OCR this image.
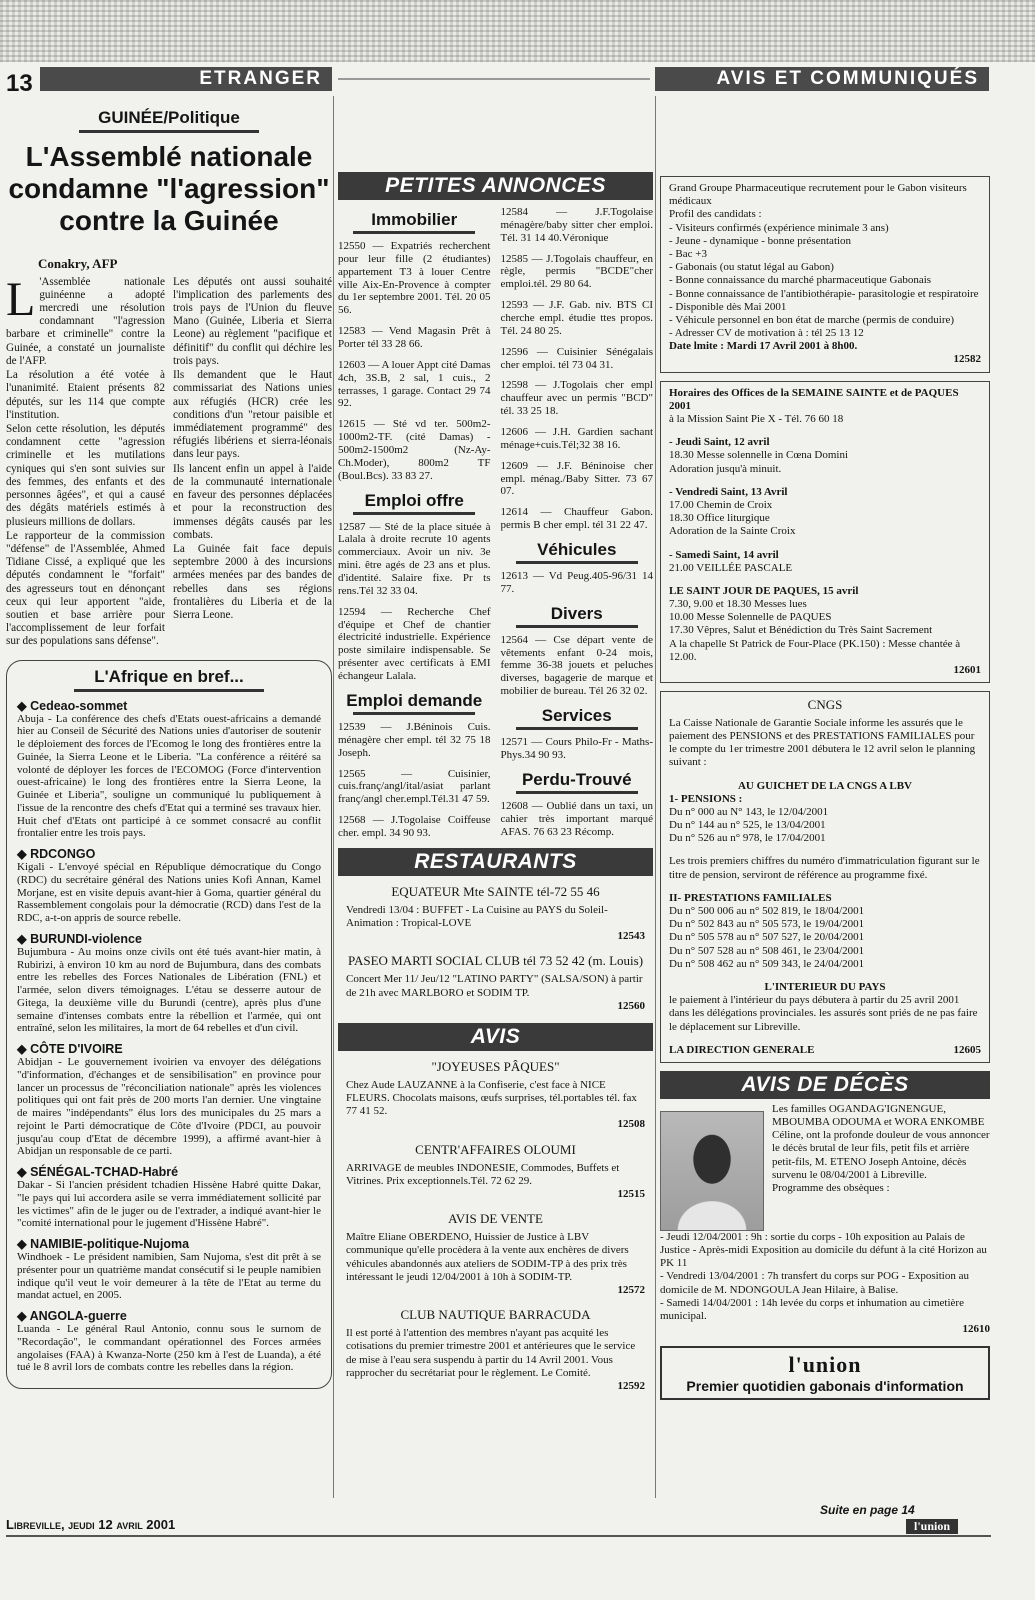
13	ETRANGER	AVIS ET COMMUNIQUÉS
GUINÉE/Politique
L'Assemblé nationale condamne "l'agression" contre la Guinée
Conakry, AFP

L 'Assemblée nationale guinéenne a adopté mercredi une résolution condamnant "l'agression barbare et criminelle" contre la Guinée, a constaté un journaliste de l'AFP.

La résolution a été votée à l'unanimité. Etaient présents 82 députés, sur les 114 que compte l'institution.

Selon cette résolution, les députés condamnent cette "agression criminelle et les mutilations cyniques qui s'en sont suivies sur des femmes, des enfants et des personnes âgées", et qui a causé des dégâts matériels estimés à plusieurs millions de dollars.

Le rapporteur de la commission "défense" de l'Assemblée, Ahmed Tidiane Cissé, a expliqué que les députés condamnent le "forfait" des agresseurs tout en dénonçant ceux qui leur apportent "aide, soutien et base arrière pour l'accomplissement de leur forfait sur des populations sans défense".

Les députés ont aussi souhaité l'implication des parlements des trois pays de l'Union du fleuve Mano (Guinée, Liberia et Sierra Leone) au règlement "pacifique et définitif" du conflit qui déchire les trois pays.

Ils demandent que le Haut commissariat des Nations unies aux réfugiés (HCR) crée les conditions d'un "retour paisible et immédiatement programmé" des réfugiés libériens et sierra-léonais dans leur pays.

Ils lancent enfin un appel à l'aide de la communauté internationale en faveur des personnes déplacées et pour la reconstruction des immenses dégâts causés par les combats.

La Guinée fait face depuis septembre 2000 à des incursions armées menées par des bandes de rebelles dans ses régions frontalières du Liberia et de la Sierra Leone.

L'Afrique en bref...
◆ Cedeao-sommet

Abuja - La conférence des chefs d'Etats ouest-africains a demandé hier au Conseil de Sécurité des Nations unies d'autoriser de soutenir le déploiement des forces de l'Ecomog le long des frontières entre la Guinée, la Sierra Leone et le Liberia. "La conférence a réitéré sa volonté de déployer les forces de l'ECOMOG (Force d'intervention ouest-africaine) le long des frontières entre la Sierra Leone, la Guinée et Liberia", souligne un communiqué lu publiquement à l'issue de la rencontre des chefs d'Etat qui a terminé ses travaux hier. Huit chef d'Etats ont participé à ce sommet consacré au conflit frontalier entre les trois pays.

◆ RDCONGO

Kigali - L'envoyé spécial en République démocratique du Congo (RDC) du secrétaire général des Nations unies Kofi Annan, Kamel Morjane, est en visite depuis avant-hier à Goma, quartier général du Rassemblement congolais pour la démocratie (RCD) dans l'est de la RDC, a-t-on appris de source rebelle.

◆ BURUNDI-violence

Bujumbura - Au moins onze civils ont été tués avant-hier matin, à Rubirizi, à environ 10 km au nord de Bujumbura, dans des combats entre les rebelles des Forces Nationales de Libération (FNL) et l'armée, selon divers témoignages. L'étau se desserre autour de Gitega, la deuxième ville du Burundi (centre), après plus d'une semaine d'intenses combats entre la rébellion et l'armée, qui ont entraîné, selon les militaires, la mort de 64 rebelles et d'un civil.

◆ CÔTE D'IVOIRE

Abidjan - Le gouvernement ivoirien va envoyer des délégations "d'information, d'échanges et de sensibilisation" en province pour lancer un processus de "réconciliation nationale" après les violences politiques qui ont fait près de 200 morts l'an dernier. Une vingtaine de maires "indépendants" élus lors des municipales du 25 mars a rejoint le Parti démocratique de Côte d'Ivoire (PDCI, au pouvoir jusqu'au coup d'Etat de décembre 1999), a affirmé avant-hier à Abidjan un responsable de ce parti.

◆ SÉNÉGAL-TCHAD-Habré

Dakar - Si l'ancien président tchadien Hissène Habré quitte Dakar, "le pays qui lui accordera asile se verra immédiatement sollicité par les victimes" afin de le juger ou de l'extrader, a indiqué avant-hier le "comité international pour le jugement d'Hissène Habré".

◆ NAMIBIE-politique-Nujoma

Windhoek - Le président namibien, Sam Nujoma, s'est dit prêt à se présenter pour un quatrième mandat consécutif si le peuple namibien indique qu'il veut le voir demeurer à la tête de l'Etat au terme du mandat actuel, en 2005.

◆ ANGOLA-guerre

Luanda - Le général Raul Antonio, connu sous le surnom de "Recordação", le commandant opérationnel des Forces armées angolaises (FAA) à Kwanza-Norte (250 km à l'est de Luanda), a été tué le 8 avril lors de combats contre les rebelles dans la région.

PETITES ANNONCES
Immobilier
12550 — Expatriés recherchent pour leur fille (2 étudiantes) appartement T3 à louer Centre ville Aix-En-Provence à compter du 1er septembre 2001. Tél. 20 05 56.
12583 — Vend Magasin Prêt à Porter tél 33 28 66.
12603 — A louer Appt cité Damas 4ch, 3S.B, 2 sal, 1 cuis., 2 terrasses, 1 garage. Contact 29 74 92.
12615 — Sté vd ter. 500m2-1000m2-TF. (cité Damas) - 500m2-1500m2 (Nz-Ay-Ch.Moder), 800m2 TF (Boul.Bcs). 33 83 27.
Emploi offre
12587 — Sté de la place située à Lalala à droite recrute 10 agents commerciaux. Avoir un niv. 3e mini. être agés de 23 ans et plus. d'identité. Salaire fixe. Pr ts rens.Tél 32 33 04.
12594 — Recherche Chef d'équipe et Chef de chantier électricité industrielle. Expérience poste similaire indispensable. Se présenter avec certificats à EMI échangeur Lalala.
Emploi demande
12539 — J.Béninois Cuis. ménagère cher empl. tél 32 75 18 Joseph.
12565 — Cuisinier, cuis.franç/angl/ital/asiat parlant franç/angl cher.empl.Tél.31 47 59.
12568 — J.Togolaise Coiffeuse cher. empl. 34 90 93.
12584 — J.F.Togolaise ménagère/baby sitter cher emploi. Tél. 31 14 40.Véronique
12585 — J.Togolais chauffeur, en règle, permis "BCDE"cher emploi.tél. 29 80 64.
12593 — J.F. Gab. niv. BTS CI cherche empl. étudie ttes propos. Tél. 24 80 25.
12596 — Cuisinier Sénégalais cher emploi. tél 73 04 31.
12598 — J.Togolais cher empl chauffeur avec un permis "BCD" tél. 33 25 18.
12606 — J.H. Gardien sachant ménage+cuis.Tél;32 38 16.
12609 — J.F. Béninoise cher empl. ménag./Baby Sitter. 73 67 07.
12614 — Chauffeur Gabon. permis B cher empl. tél 31 22 47.
Véhicules
12613 — Vd Peug.405-96/31 14 77.
Divers
12564 — Cse départ vente de vêtements enfant 0-24 mois, femme 36-38 jouets et peluches diverses, bagagerie de marque et mobilier de bureau. Tél 26 32 02.
Services
12571 — Cours Philo-Fr - Maths-Phys.34 90 93.
Perdu-Trouvé
12608 — Oublié dans un taxi, un cahier très important marqué AFAS. 76 63 23 Récomp.
RESTAURANTS
EQUATEUR Mte SAINTE tél-72 55 46
Vendredi 13/04 : BUFFET - La Cuisine au PAYS du Soleil-Animation : Tropical-LOVE
12543
PASEO MARTI SOCIAL CLUB tél 73 52 42 (m. Louis)
Concert Mer 11/ Jeu/12 "LATINO PARTY" (SALSA/SON) à partir de 21h avec MARLBORO et SODIM TP.
12560
AVIS
"JOYEUSES PÂQUES"
Chez Aude LAUZANNE à la Confiserie, c'est face à NICE FLEURS. Chocolats maisons, œufs surprises, tél.portables tél. fax 77 41 52.
12508
CENTR'AFFAIRES OLOUMI
ARRIVAGE de meubles INDONESIE, Commodes, Buffets et Vitrines. Prix exceptionnels.Tél. 72 62 29.
12515
AVIS DE VENTE
Maître Eliane OBERDENO, Huissier de Justice à LBV communique qu'elle procèdera à la vente aux enchères de divers véhicules abandonnés aux ateliers de SODIM-TP à des prix très intéressant le jeudi 12/04/2001 à 10h à SODIM-TP.
12572
CLUB NAUTIQUE BARRACUDA
Il est porté à l'attention des membres n'ayant pas acquité les cotisations du premier trimestre 2001 et antérieures que le service de mise à l'eau sera suspendu à partir du 14 Avril 2001. Vous rapprocher du secrétariat pour le règlement. Le Comité.
12592
Grand Groupe Pharmaceutique recrutement pour le Gabon visiteurs médicaux
Profil des candidats :
- Visiteurs confirmés (expérience minimale 3 ans)
- Jeune - dynamique - bonne présentation
- Bac +3
- Gabonais (ou statut légal au Gabon)
- Bonne connaissance du marché pharmaceutique Gabonais
- Bonne connaissance de l'antibiothérapie- parasitologie et respiratoire
- Disponible dès Mai 2001
- Véhicule personnel en bon état de marche (permis de conduire)
- Adresser CV de motivation à : tél 25 13 12
Date lmite : Mardi 17 Avril 2001 à 8h00.
12582
Horaires des Offices de la SEMAINE SAINTE et de PAQUES 2001
à la Mission Saint Pie X - Tél. 76 60 18
- Jeudi Saint, 12 avril
18.30 Messe solennelle in Cœna Domini
Adoration jusqu'à minuit.
- Vendredi Saint, 13 Avril
17.00 Chemin de Croix
18.30 Office liturgique
Adoration de la Sainte Croix
- Samedi Saint, 14 avril
21.00 VEILLÉE PASCALE
LE SAINT JOUR DE PAQUES, 15 avril
7.30, 9.00 et 18.30 Messes lues
10.00 Messe Solennelle de PAQUES
17.30 Vêpres, Salut et Bénédiction du Très Saint Sacrement
A la chapelle St Patrick de Four-Place (PK.150) : Messe chantée à 12.00.
12601
CNGS
La Caisse Nationale de Garantie Sociale informe les assurés que le paiement des PENSIONS et des PRESTATIONS FAMILIALES pour le compte du 1er trimestre 2001 débutera le 12 avril selon le planning suivant :
AU GUICHET DE LA CNGS A LBV
1- PENSIONS :
Du n° 000 au N° 143, le 12/04/2001
Du n° 144 au n° 525, le 13/04/2001
Du n° 526 au n° 978, le 17/04/2001
Les trois premiers chiffres du numéro d'immatriculation figurant sur le titre de pension, serviront de référence au programme fixé.
II- PRESTATIONS FAMILIALES
Du n° 500 006 au n° 502 819, le 18/04/2001
Du n° 502 843 au n° 505 573, le 19/04/2001
Du n° 505 578 au n° 507 527, le 20/04/2001
Du n° 507 528 au n° 508 461, le 23/04/2001
Du n° 508 462 au n° 509 343, le 24/04/2001
L'INTERIEUR DU PAYS
le paiement à l'intérieur du pays débutera à partir du 25 avril 2001 dans les délégations provinciales. les assurés sont priés de ne pas faire le déplacement sur Libreville.
LA DIRECTION GENERALE	12605
AVIS DE DÉCÈS
Les familles OGANDAG'IGNENGUE, MBOUMBA ODOUMA et WORA ENKOMBE Céline, ont la profonde douleur de vous annoncer le décès brutal de leur fils, petit fils et arrière petit-fils, M. ETENO Joseph Antoine, décès survenu le 08/04/2001 à Libreville.
Programme des obsèques :
- Jeudi 12/04/2001 : 9h : sortie du corps - 10h exposition au Palais de Justice - Après-midi Exposition au domicile du défunt à la cité Horizon au PK 11
- Vendredi 13/04/2001 : 7h transfert du corps sur POG - Exposition au domicile de M. NDONGOULA Jean Hilaire, à Balise.
- Samedi 14/04/2001 : 14h levée du corps et inhumation au cimetière municipal.
12610
l'union
Premier quotidien gabonais d'information
Libreville, jeudi 12 avril 2001
Suite en page 14
l'union
